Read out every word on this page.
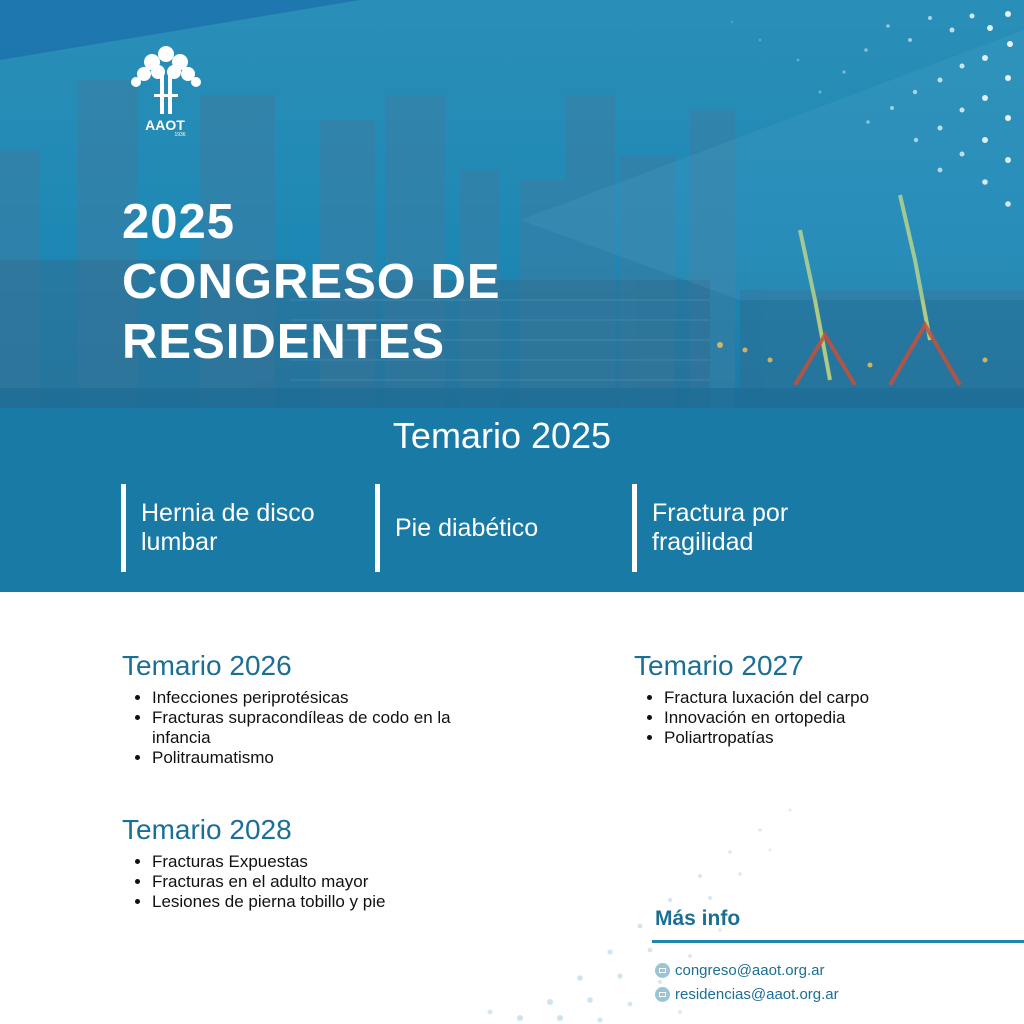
AAOT
1936
2025
CONGRESO DE
RESIDENTES
Temario 2025
Hernia de disco lumbar
Pie diabético
Fractura por fragilidad
Temario 2026
• Infecciones periprotésicas
• Fracturas supracondíleas de codo en la infancia
• Politraumatismo
Temario 2027
• Fractura luxación del carpo
• Innovación en ortopedia
• Poliartropatías
Temario 2028
• Fracturas Expuestas
• Fracturas en el adulto mayor
• Lesiones de pierna tobillo y pie
Más info
congreso@aaot.org.ar
residencias@aaot.org.ar
